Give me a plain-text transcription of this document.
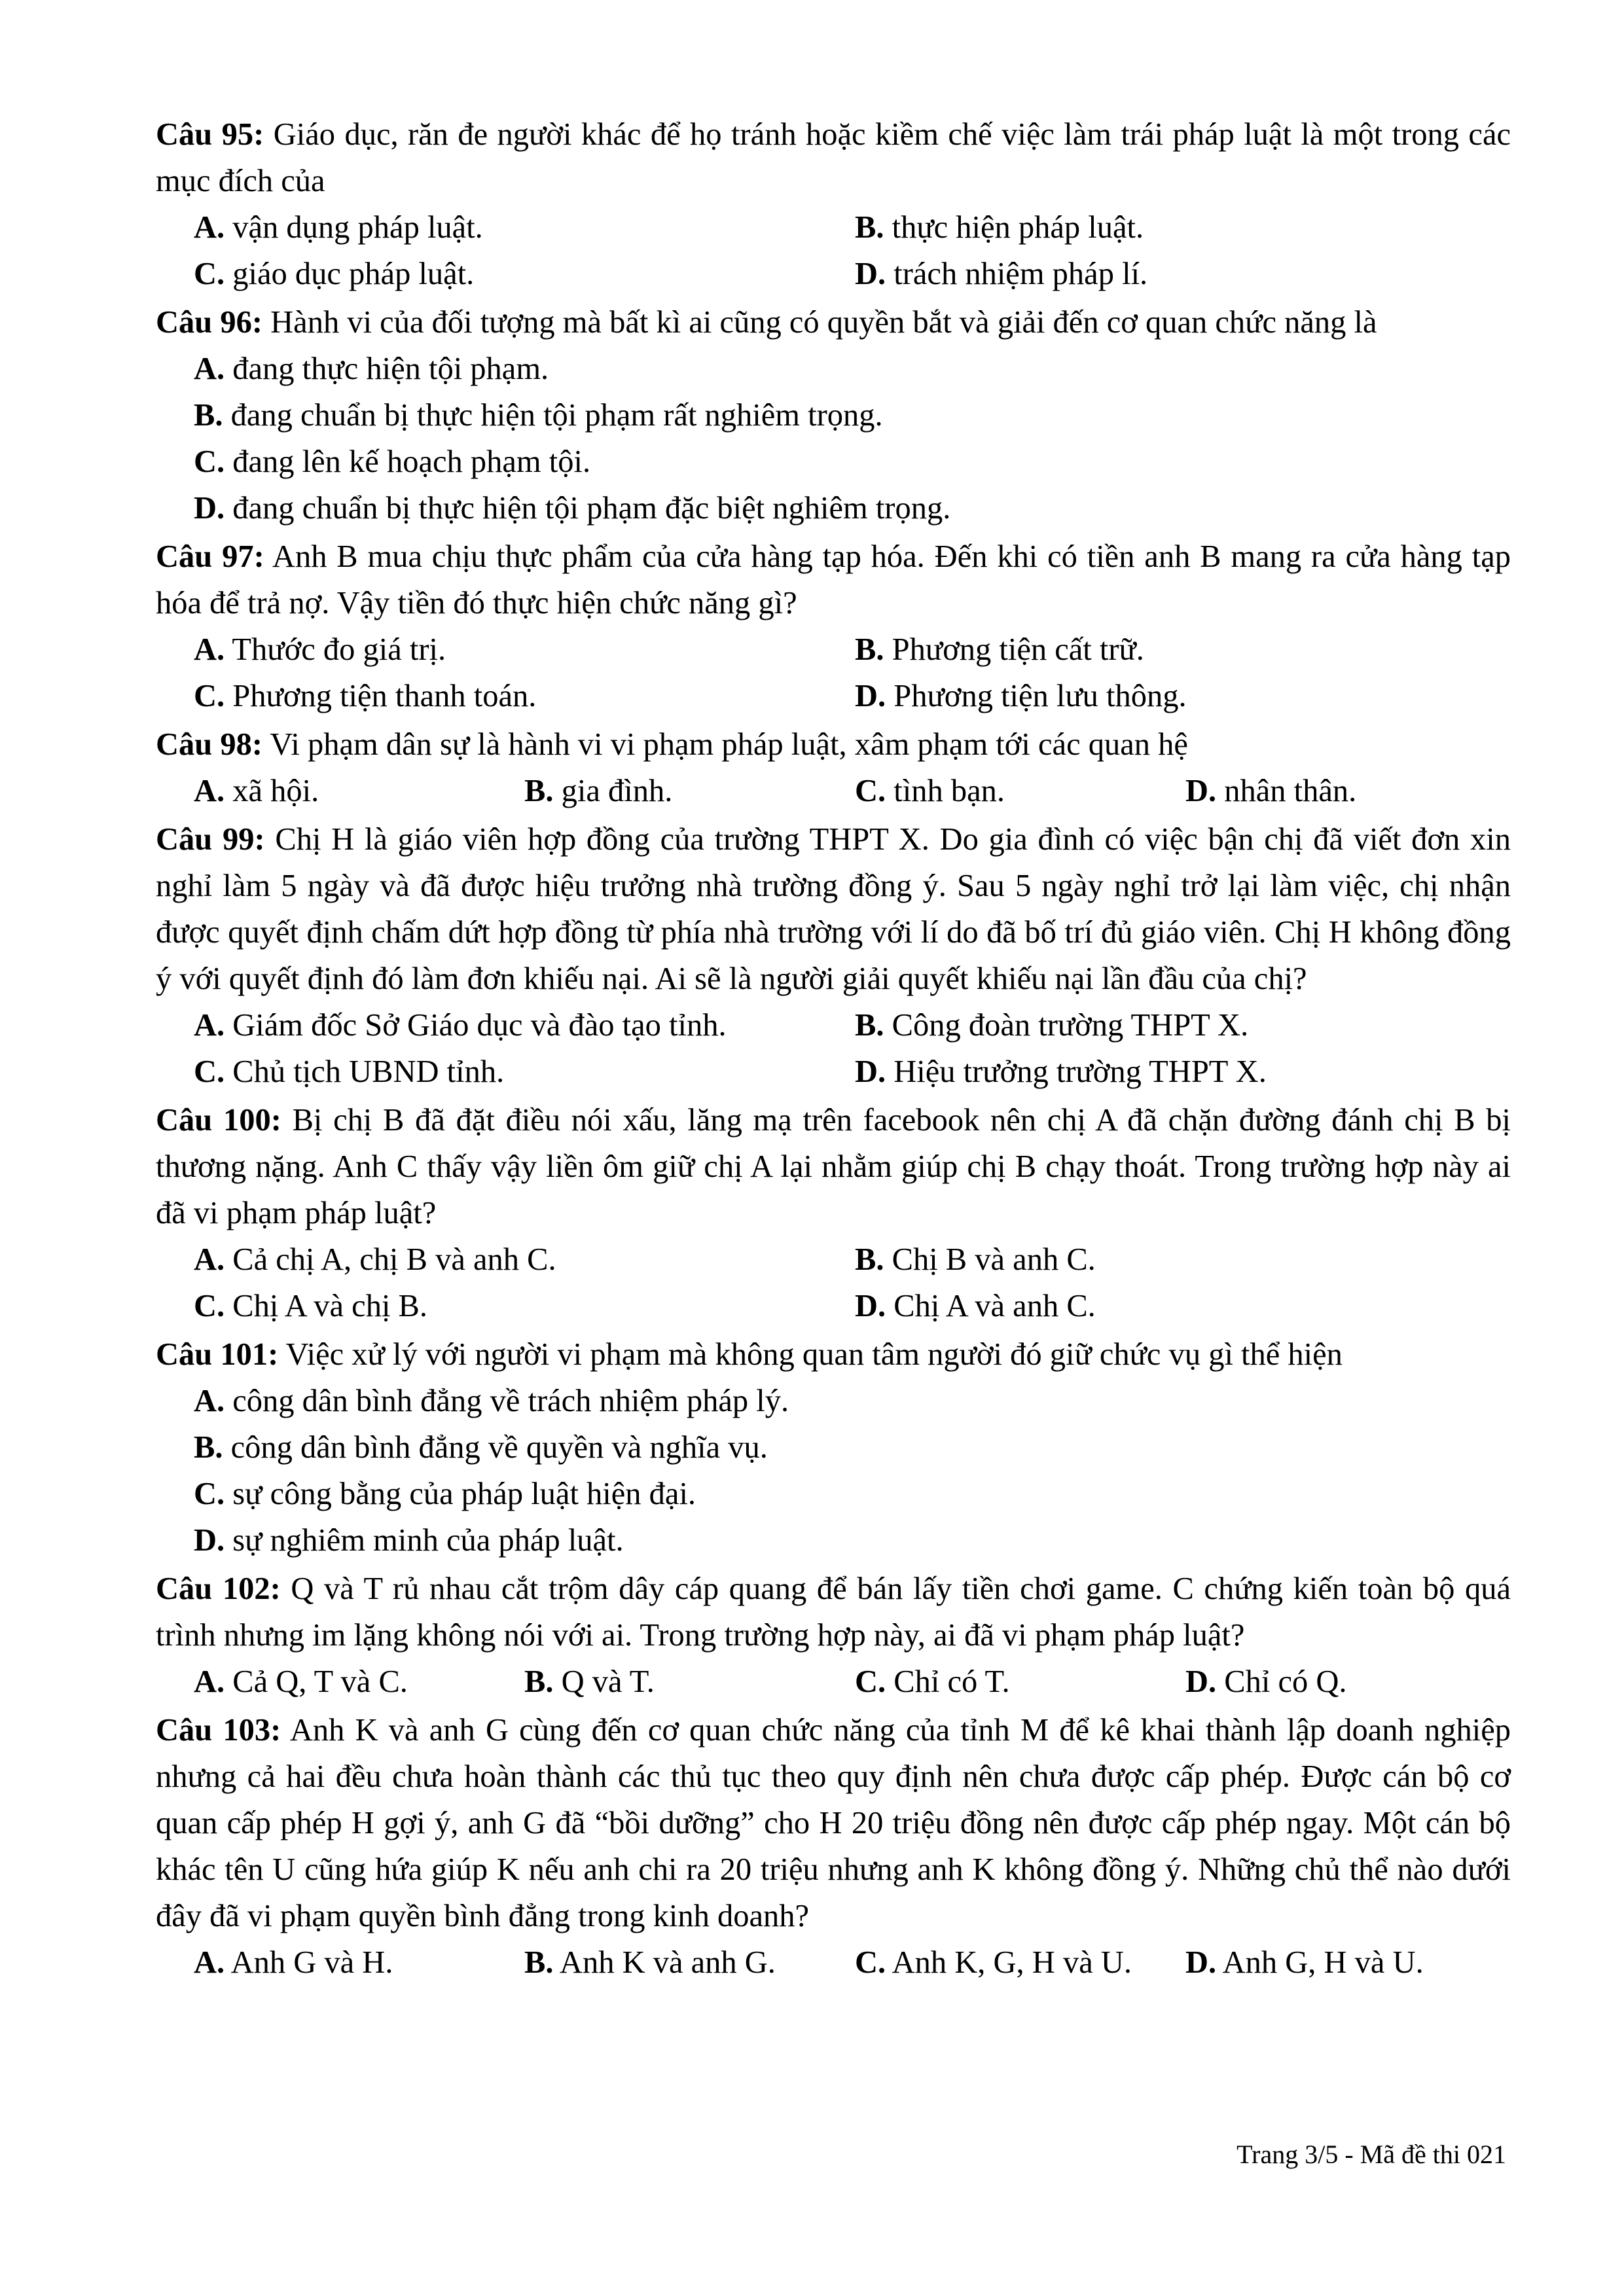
Câu 95: Giáo dục, răn đe người khác để họ tránh hoặc kiềm chế việc làm trái pháp luật là một trong các mục đích của
A. vận dụng pháp luật.	B. thực hiện pháp luật.
C. giáo dục pháp luật.	D. trách nhiệm pháp lí.
Câu 96: Hành vi của đối tượng mà bất kì ai cũng có quyền bắt và giải đến cơ quan chức năng là
A. đang thực hiện tội phạm.
B. đang chuẩn bị thực hiện tội phạm rất nghiêm trọng.
C. đang lên kế hoạch phạm tội.
D. đang chuẩn bị thực hiện tội phạm đặc biệt nghiêm trọng.
Câu 97: Anh B mua chịu thực phẩm của cửa hàng tạp hóa. Đến khi có tiền anh B mang ra cửa hàng tạp hóa để trả nợ. Vậy tiền đó thực hiện chức năng gì?
A. Thước đo giá trị.	B. Phương tiện cất trữ.
C. Phương tiện thanh toán.	D. Phương tiện lưu thông.
Câu 98: Vi phạm dân sự là hành vi vi phạm pháp luật, xâm phạm tới các quan hệ
A. xã hội.	B. gia đình.	C. tình bạn.	D. nhân thân.
Câu 99: Chị H là giáo viên hợp đồng của trường THPT X. Do gia đình có việc bận chị đã viết đơn xin nghỉ làm 5 ngày và đã được hiệu trưởng nhà trường đồng ý. Sau 5 ngày nghỉ trở lại làm việc, chị nhận được quyết định chấm dứt hợp đồng từ phía nhà trường với lí do đã bố trí đủ giáo viên. Chị H không đồng ý với quyết định đó làm đơn khiếu nại. Ai sẽ là người giải quyết khiếu nại lần đầu của chị?
A. Giám đốc Sở Giáo dục và đào tạo tỉnh.	B. Công đoàn trường THPT X.
C. Chủ tịch UBND tỉnh.	D. Hiệu trưởng trường THPT X.
Câu 100: Bị chị B đã đặt điều nói xấu, lăng mạ trên facebook nên chị A đã chặn đường đánh chị B bị thương nặng. Anh C thấy vậy liền ôm giữ chị A lại nhằm giúp chị B chạy thoát. Trong trường hợp này ai đã vi phạm pháp luật?
A. Cả chị A, chị B và anh C.	B. Chị B và anh C.
C. Chị A và chị B.	D. Chị A và anh C.
Câu 101: Việc xử lý với người vi phạm mà không quan tâm người đó giữ chức vụ gì thể hiện
A. công dân bình đẳng về trách nhiệm pháp lý.
B. công dân bình đẳng về quyền và nghĩa vụ.
C. sự công bằng của pháp luật hiện đại.
D. sự nghiêm minh của pháp luật.
Câu 102: Q và T rủ nhau cắt trộm dây cáp quang để bán lấy tiền chơi game. C chứng kiến toàn bộ quá trình nhưng im lặng không nói với ai. Trong trường hợp này, ai đã vi phạm pháp luật?
A. Cả Q, T và C.	B. Q và T.	C. Chỉ có T.	D. Chỉ có Q.
Câu 103: Anh K và anh G cùng đến cơ quan chức năng của tỉnh M để kê khai thành lập doanh nghiệp nhưng cả hai đều chưa hoàn thành các thủ tục theo quy định nên chưa được cấp phép. Được cán bộ cơ quan cấp phép H gợi ý, anh G đã “bồi dưỡng” cho H 20 triệu đồng nên được cấp phép ngay. Một cán bộ khác tên U cũng hứa giúp K nếu anh chi ra 20 triệu nhưng anh K không đồng ý. Những chủ thể nào dưới đây đã vi phạm quyền bình đẳng trong kinh doanh?
A. Anh G và H.	B. Anh K và anh G.	C. Anh K, G, H và U.	D. Anh G, H và U.
Trang 3/5 - Mã đề thi 021
